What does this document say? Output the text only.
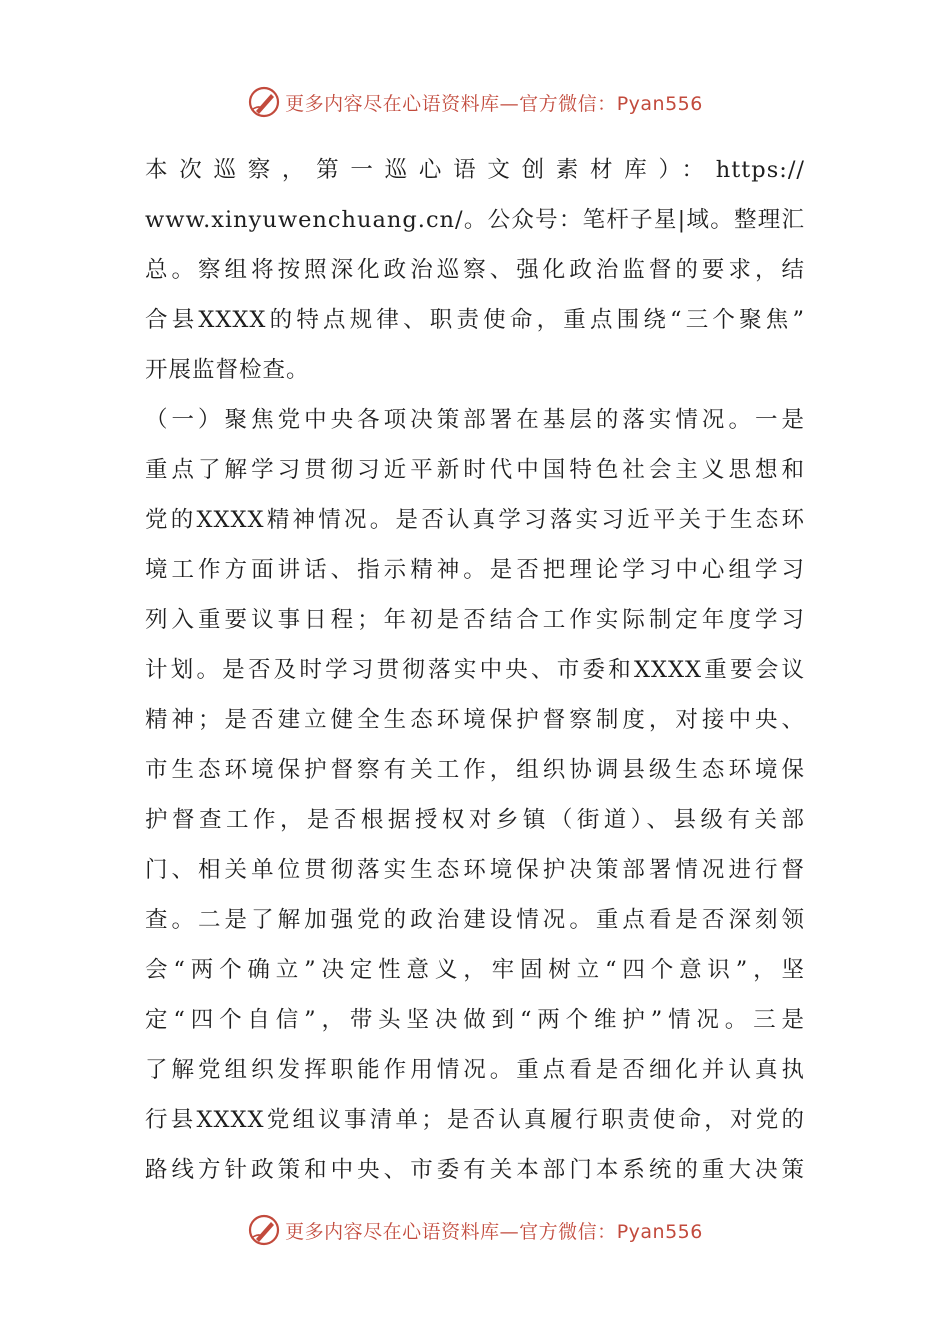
更多内容尽在心语资料库—官方微信：Pyan556
本次巡察，第一巡心语文创素材库）：https://
www.xinyuwenchuang.cn/。公众号：笔杆子星|域。整理汇
总。察组将按照深化政治巡察、强化政治监督的要求，结
合县XXXX的特点规律、职责使命，重点围绕“三个聚焦”
开展监督检查。
（一）聚焦党中央各项决策部署在基层的落实情况。一是
重点了解学习贯彻习近平新时代中国特色社会主义思想和
党的XXXX精神情况。是否认真学习落实习近平关于生态环
境工作方面讲话、指示精神。是否把理论学习中心组学习
列入重要议事日程；年初是否结合工作实际制定年度学习
计划。是否及时学习贯彻落实中央、市委和XXXX重要会议
精神；是否建立健全生态环境保护督察制度，对接中央、
市生态环境保护督察有关工作，组织协调县级生态环境保
护督查工作，是否根据授权对乡镇（街道）、县级有关部
门、相关单位贯彻落实生态环境保护决策部署情况进行督
查。二是了解加强党的政治建设情况。重点看是否深刻领
会“两个确立”决定性意义，牢固树立“四个意识”，坚
定“四个自信”，带头坚决做到“两个维护”情况。三是
了解党组织发挥职能作用情况。重点看是否细化并认真执
行县XXXX党组议事清单；是否认真履行职责使命，对党的
路线方针政策和中央、市委有关本部门本系统的重大决策
更多内容尽在心语资料库—官方微信：Pyan556
